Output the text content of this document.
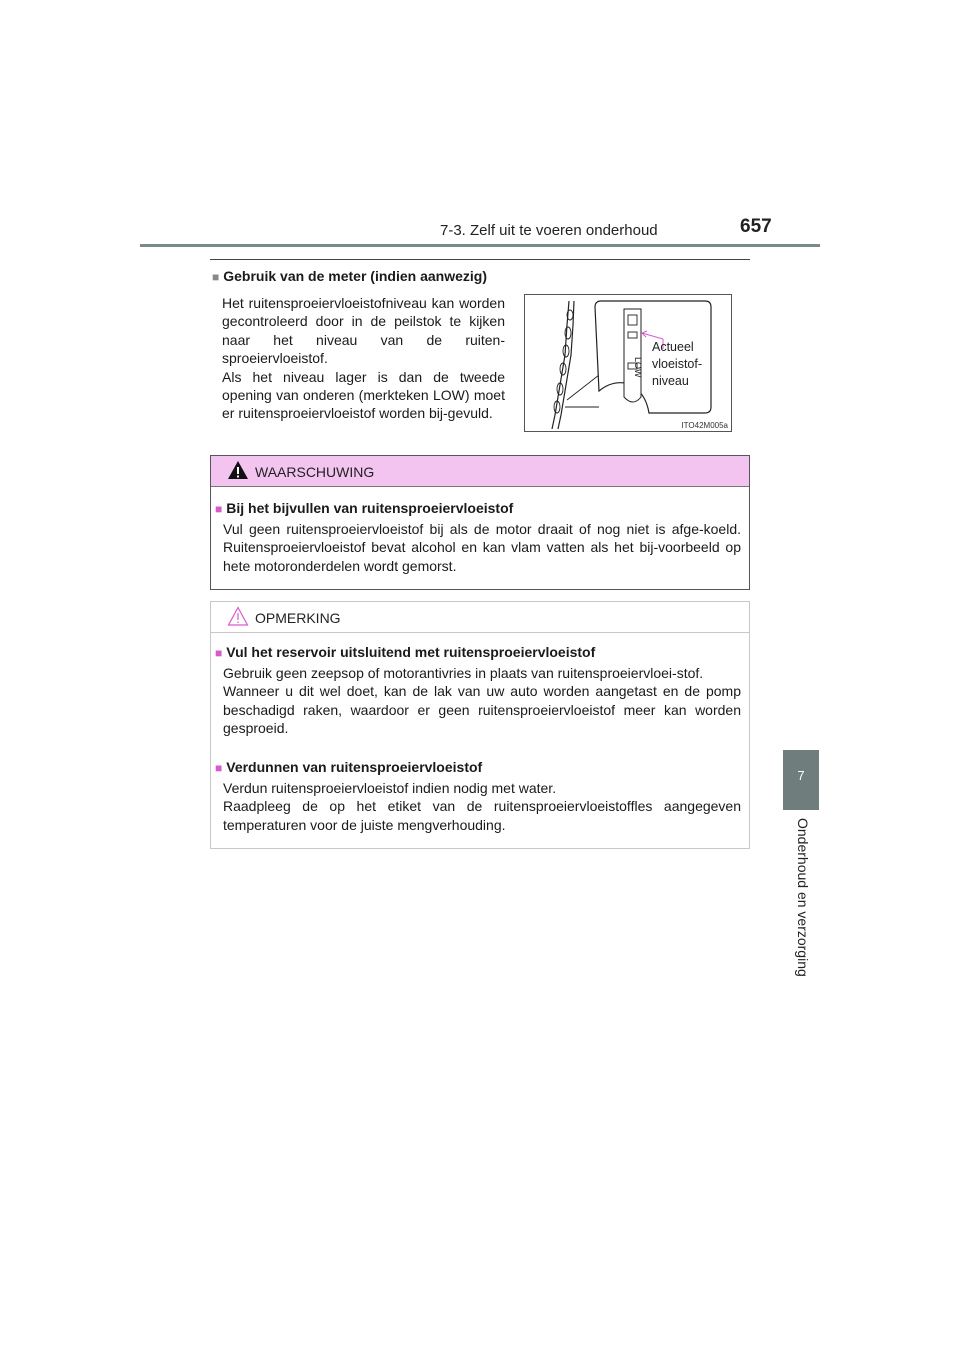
7-3. Zelf uit te voeren onderhoud	657
7
Onderhoud en verzorging
■ Gebruik van de meter (indien aanwezig)
Het ruitensproeiervloeistofniveau kan worden gecontroleerd door in de peilstok te kijken naar het niveau van de ruiten-sproeiervloeistof.
Als het niveau lager is dan de tweede opening van onderen (merkteken LOW) moet er ruitensproeiervloeistof worden bij-gevuld.
LOW
Actueel
vloeistof-
niveau
ITO42M005a
WAARSCHUWING
■ Bij het bijvullen van ruitensproeiervloeistof
Vul geen ruitensproeiervloeistof bij als de motor draait of nog niet is afge-koeld. Ruitensproeiervloeistof bevat alcohol en kan vlam vatten als het bij-voorbeeld op hete motoronderdelen wordt gemorst.
OPMERKING
■ Vul het reservoir uitsluitend met ruitensproeiervloeistof
Gebruik geen zeepsop of motorantivries in plaats van ruitensproeiervloei-stof.
Wanneer u dit wel doet, kan de lak van uw auto worden aangetast en de pomp beschadigd raken, waardoor er geen ruitensproeiervloeistof meer kan worden gesproeid.
■ Verdunnen van ruitensproeiervloeistof
Verdun ruitensproeiervloeistof indien nodig met water.
Raadpleeg de op het etiket van de ruitensproeiervloeistoffles aangegeven temperaturen voor de juiste mengverhouding.
